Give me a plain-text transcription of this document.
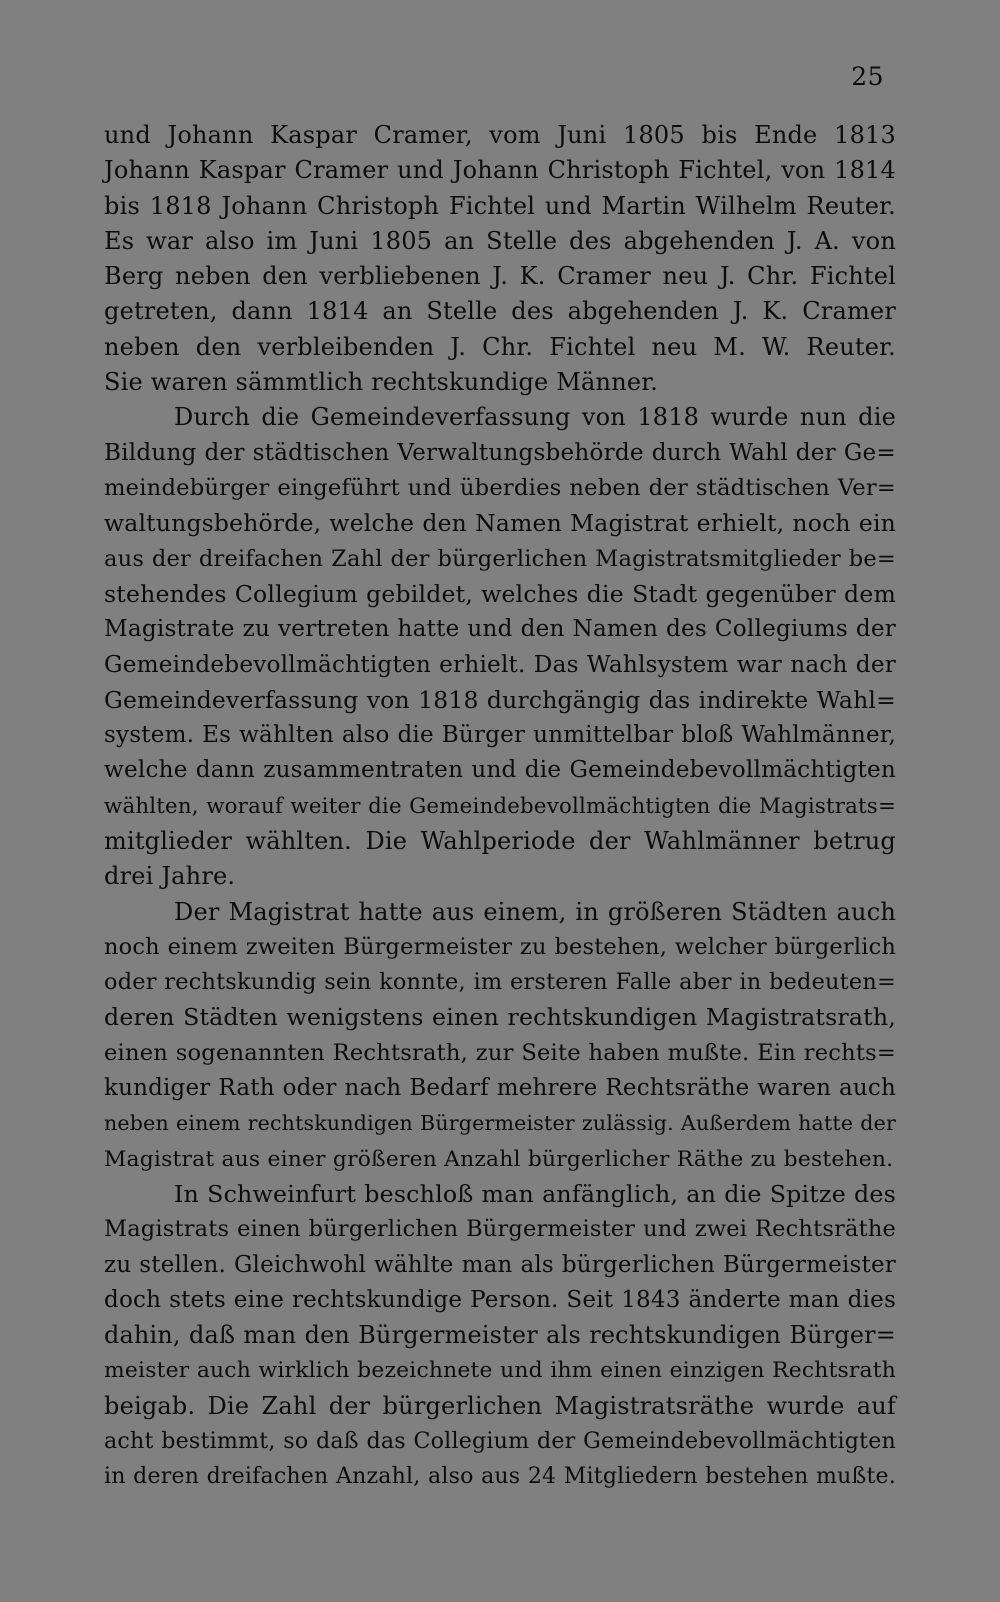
25
und Johann Kaspar Cramer, vom Juni 1805 bis Ende 1813
Johann Kaspar Cramer und Johann Christoph Fichtel, von 1814
bis 1818 Johann Christoph Fichtel und Martin Wilhelm Reuter.
Es war also im Juni 1805 an Stelle des abgehenden J. A. von
Berg neben den verbliebenen J. K. Cramer neu J. Chr. Fichtel
getreten, dann 1814 an Stelle des abgehenden J. K. Cramer
neben den verbleibenden J. Chr. Fichtel neu M. W. Reuter.
Sie waren sämmtlich rechtskundige Männer.
Durch die Gemeindeverfassung von 1818 wurde nun die
Bildung der städtischen Verwaltungsbehörde durch Wahl der Ge=
meindebürger eingeführt und überdies neben der städtischen Ver=
waltungsbehörde, welche den Namen Magistrat erhielt, noch ein
aus der dreifachen Zahl der bürgerlichen Magistratsmitglieder be=
stehendes Collegium gebildet, welches die Stadt gegenüber dem
Magistrate zu vertreten hatte und den Namen des Collegiums der
Gemeindebevollmächtigten erhielt. Das Wahlsystem war nach der
Gemeindeverfassung von 1818 durchgängig das indirekte Wahl=
system. Es wählten also die Bürger unmittelbar bloß Wahlmänner,
welche dann zusammentraten und die Gemeindebevollmächtigten
wählten, worauf weiter die Gemeindebevollmächtigten die Magistrats=
mitglieder wählten. Die Wahlperiode der Wahlmänner betrug
drei Jahre.
Der Magistrat hatte aus einem, in größeren Städten auch
noch einem zweiten Bürgermeister zu bestehen, welcher bürgerlich
oder rechtskundig sein konnte, im ersteren Falle aber in bedeuten=
deren Städten wenigstens einen rechtskundigen Magistratsrath,
einen sogenannten Rechtsrath, zur Seite haben mußte. Ein rechts=
kundiger Rath oder nach Bedarf mehrere Rechtsräthe waren auch
neben einem rechtskundigen Bürgermeister zulässig. Außerdem hatte der
Magistrat aus einer größeren Anzahl bürgerlicher Räthe zu bestehen.
In Schweinfurt beschloß man anfänglich, an die Spitze des
Magistrats einen bürgerlichen Bürgermeister und zwei Rechtsräthe
zu stellen. Gleichwohl wählte man als bürgerlichen Bürgermeister
doch stets eine rechtskundige Person. Seit 1843 änderte man dies
dahin, daß man den Bürgermeister als rechtskundigen Bürger=
meister auch wirklich bezeichnete und ihm einen einzigen Rechtsrath
beigab. Die Zahl der bürgerlichen Magistratsräthe wurde auf
acht bestimmt, so daß das Collegium der Gemeindebevollmächtigten
in deren dreifachen Anzahl, also aus 24 Mitgliedern bestehen mußte.
